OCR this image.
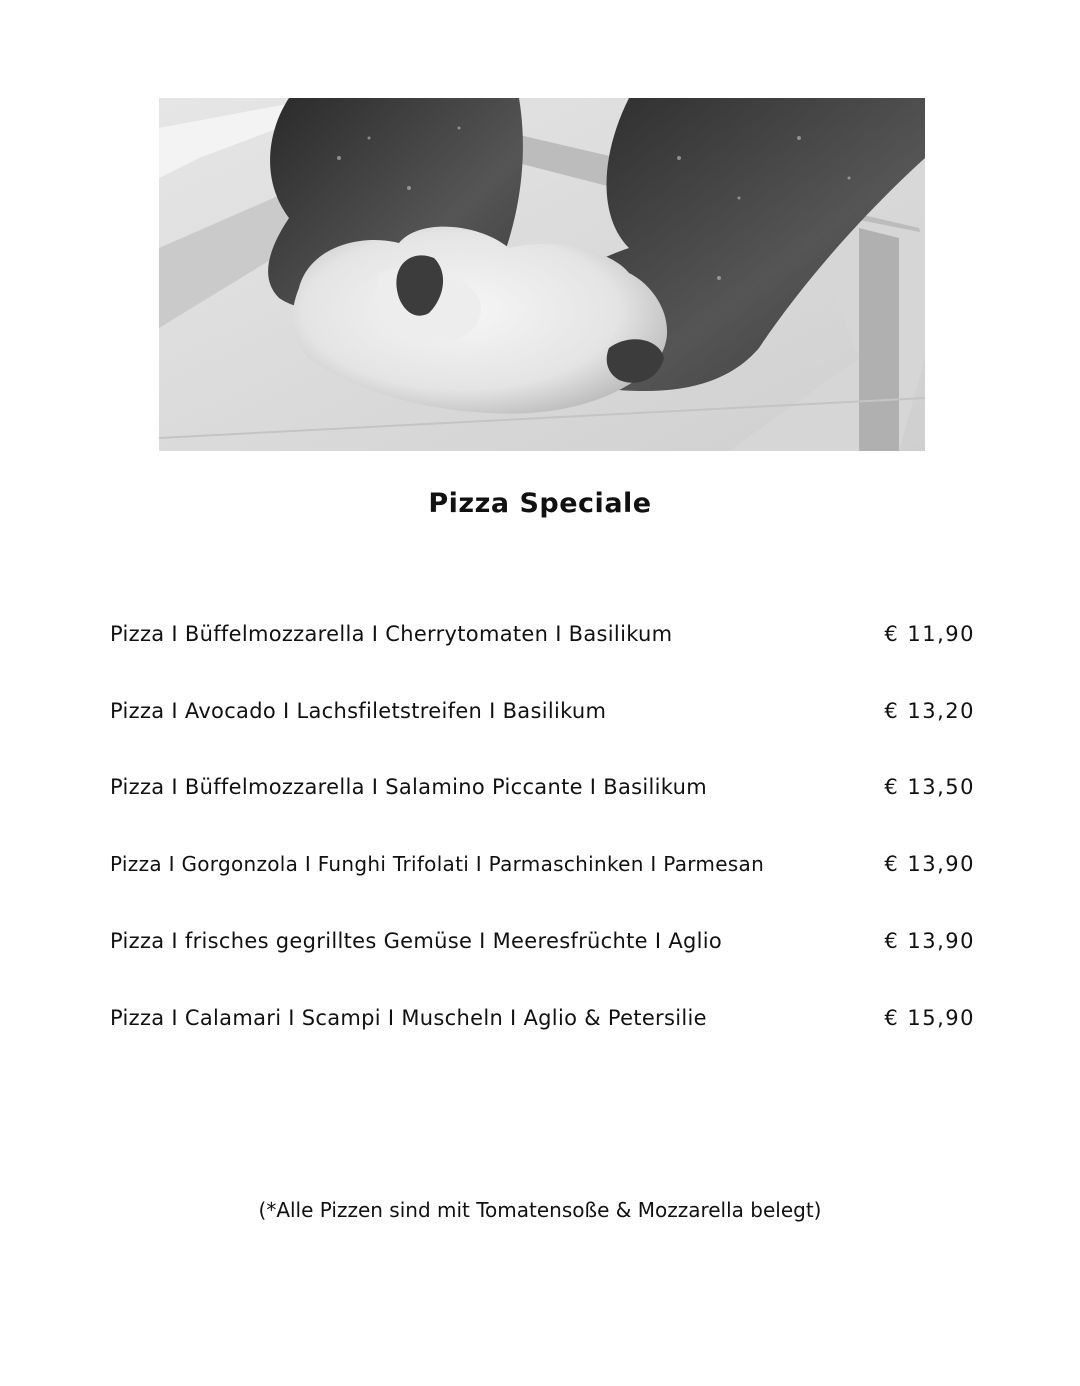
Pizza Speciale
Pizza I Büffelmozzarella I Cherrytomaten I Basilikum	€ 11,90
Pizza I Avocado I Lachsfiletstreifen I Basilikum	€ 13,20
Pizza I Büffelmozzarella I Salamino Piccante I Basilikum	€ 13,50
Pizza I Gorgonzola I Funghi Trifolati I Parmaschinken I Parmesan	€ 13,90
Pizza I frisches gegrilltes Gemüse I Meeresfrüchte I Aglio	€ 13,90
Pizza I Calamari I Scampi I Muscheln I Aglio & Petersilie	€ 15,90
(*Alle Pizzen sind mit Tomatensoße & Mozzarella belegt)
